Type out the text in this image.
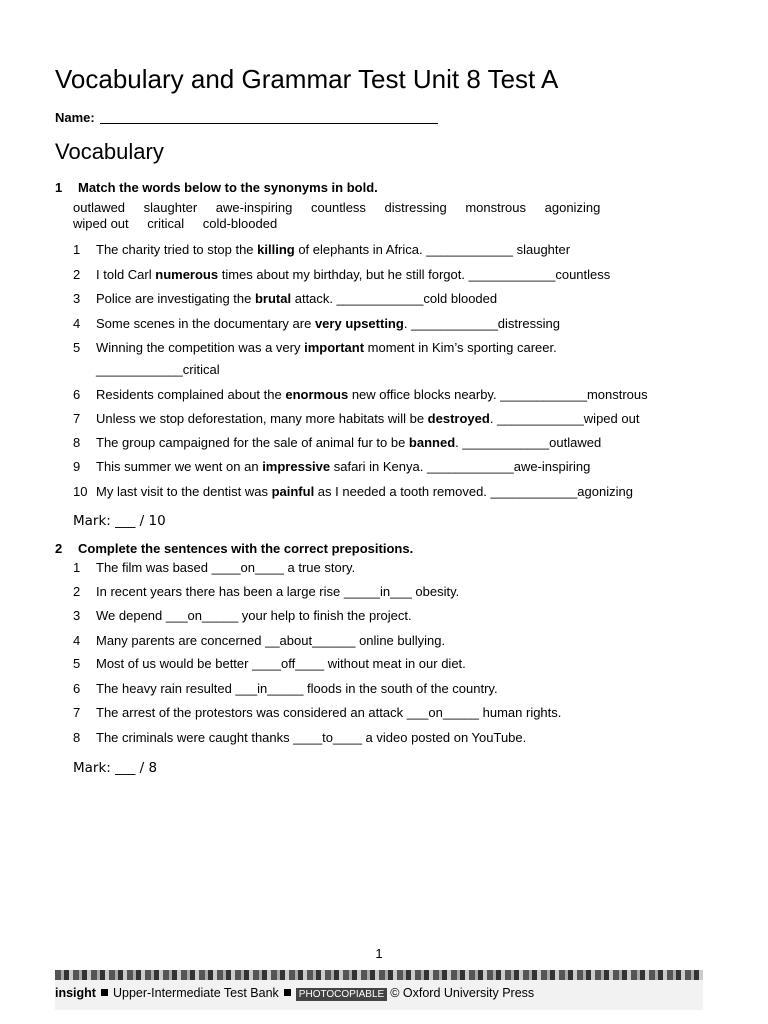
Vocabulary and Grammar Test Unit 8 Test A
Name:
Vocabulary
1 Match the words below to the synonyms in bold.
outlawed slaughter awe-inspiring countless distressing monstrous agonizing
wiped out critical cold-blooded
1 The charity tried to stop the killing of elephants in Africa. ____________ slaughter
2 I told Carl numerous times about my birthday, but he still forgot. ____________countless
3 Police are investigating the brutal attack. ____________cold blooded
4 Some scenes in the documentary are very upsetting. ____________distressing
5 Winning the competition was a very important moment in Kim’s sporting career.
____________critical
6 Residents complained about the enormous new office blocks nearby. ____________monstrous
7 Unless we stop deforestation, many more habitats will be destroyed. ____________wiped out
8 The group campaigned for the sale of animal fur to be banned. ____________outlawed
9 This summer we went on an impressive safari in Kenya. ____________awe-inspiring
10 My last visit to the dentist was painful as I needed a tooth removed. ____________agonizing
Mark: ___ / 10
2 Complete the sentences with the correct prepositions.
1 The film was based ____on____ a true story.
2 In recent years there has been a large rise _____in___ obesity.
3 We depend ___on_____ your help to finish the project.
4 Many parents are concerned __about______ online bullying.
5 Most of us would be better ____off____ without meat in our diet.
6 The heavy rain resulted ___in_____ floods in the south of the country.
7 The arrest of the protestors was considered an attack ___on_____ human rights.
8 The criminals were caught thanks ____to____ a video posted on YouTube.
Mark: ___ / 8
1
insight Upper-Intermediate Test Bank PHOTOCOPIABLE © Oxford University Press
